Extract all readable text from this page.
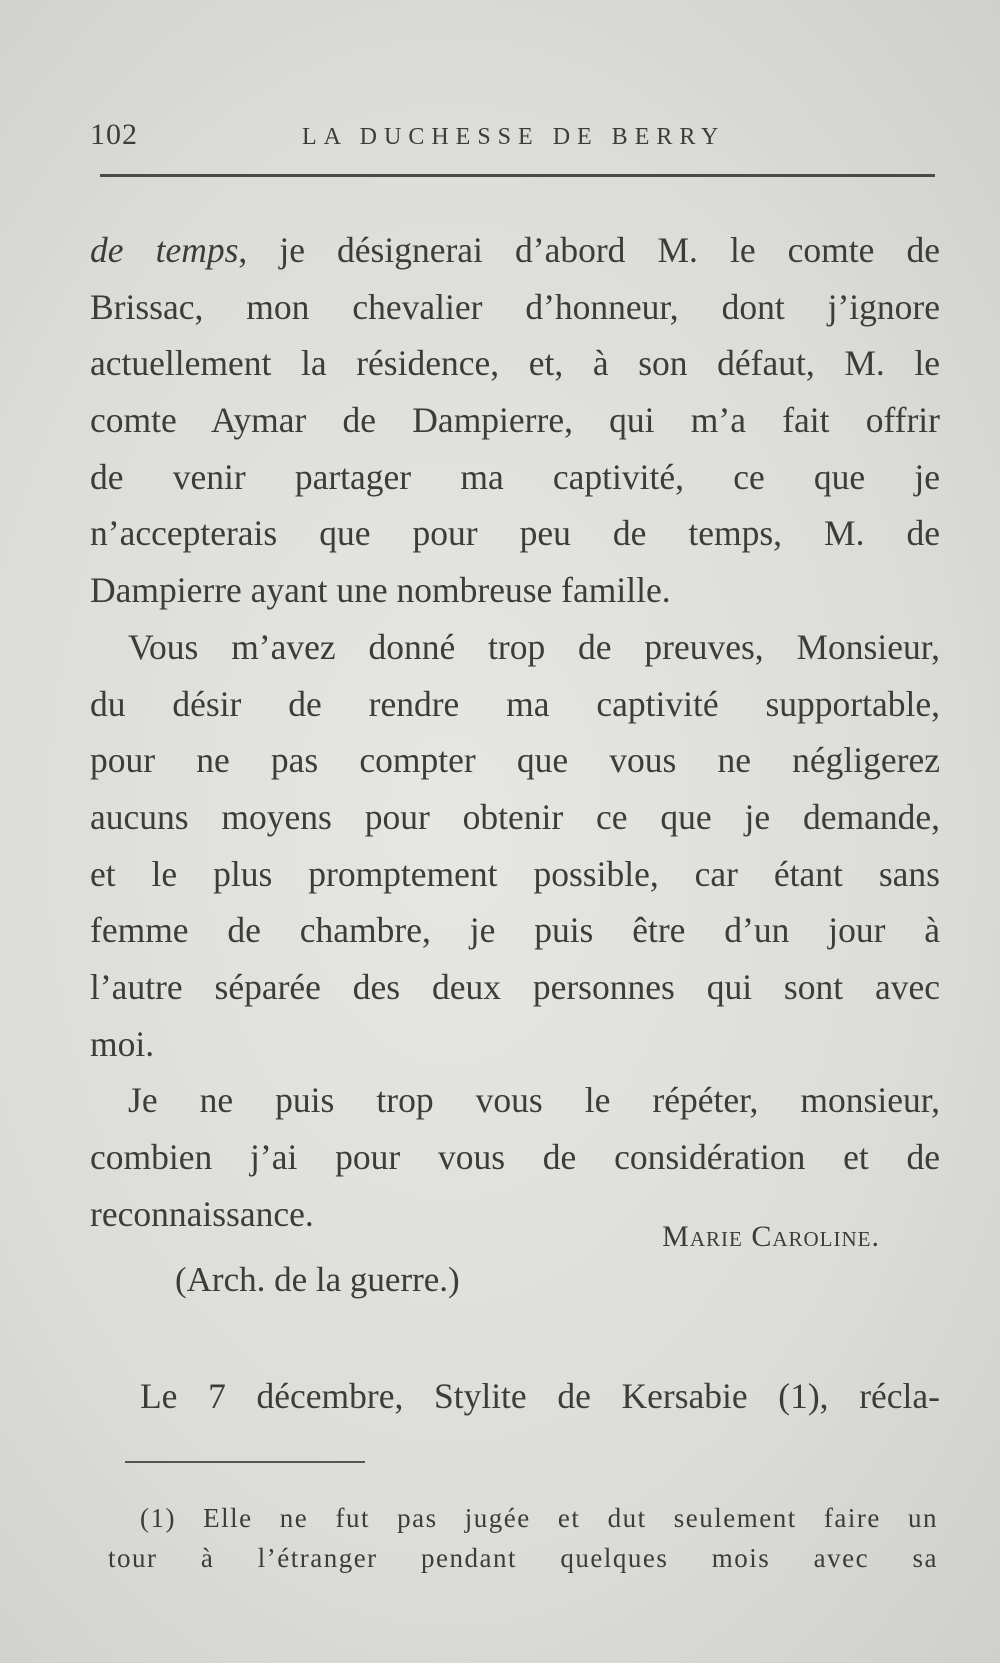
102	LA DUCHESSE DE BERRY
de temps, je désignerai d’abord M. le comte de
Brissac, mon chevalier d’honneur, dont j’ignore
actuellement la résidence, et, à son défaut, M. le
comte Aymar de Dampierre, qui m’a fait offrir
de venir partager ma captivité, ce que je
n’accepterais que pour peu de temps, M. de
Dampierre ayant une nombreuse famille.
Vous m’avez donné trop de preuves, Monsieur,
du désir de rendre ma captivité supportable,
pour ne pas compter que vous ne négligerez
aucuns moyens pour obtenir ce que je demande,
et le plus promptement possible, car étant sans
femme de chambre, je puis être d’un jour à
l’autre séparée des deux personnes qui sont avec
moi.
Je ne puis trop vous le répéter, monsieur,
combien j’ai pour vous de considération et de
reconnaissance.
Marie Caroline.
(Arch. de la guerre.)
Le 7 décembre, Stylite de Kersabie (1), récla-
(1) Elle ne fut pas jugée et dut seulement faire un
tour à l’étranger pendant quelques mois avec sa
